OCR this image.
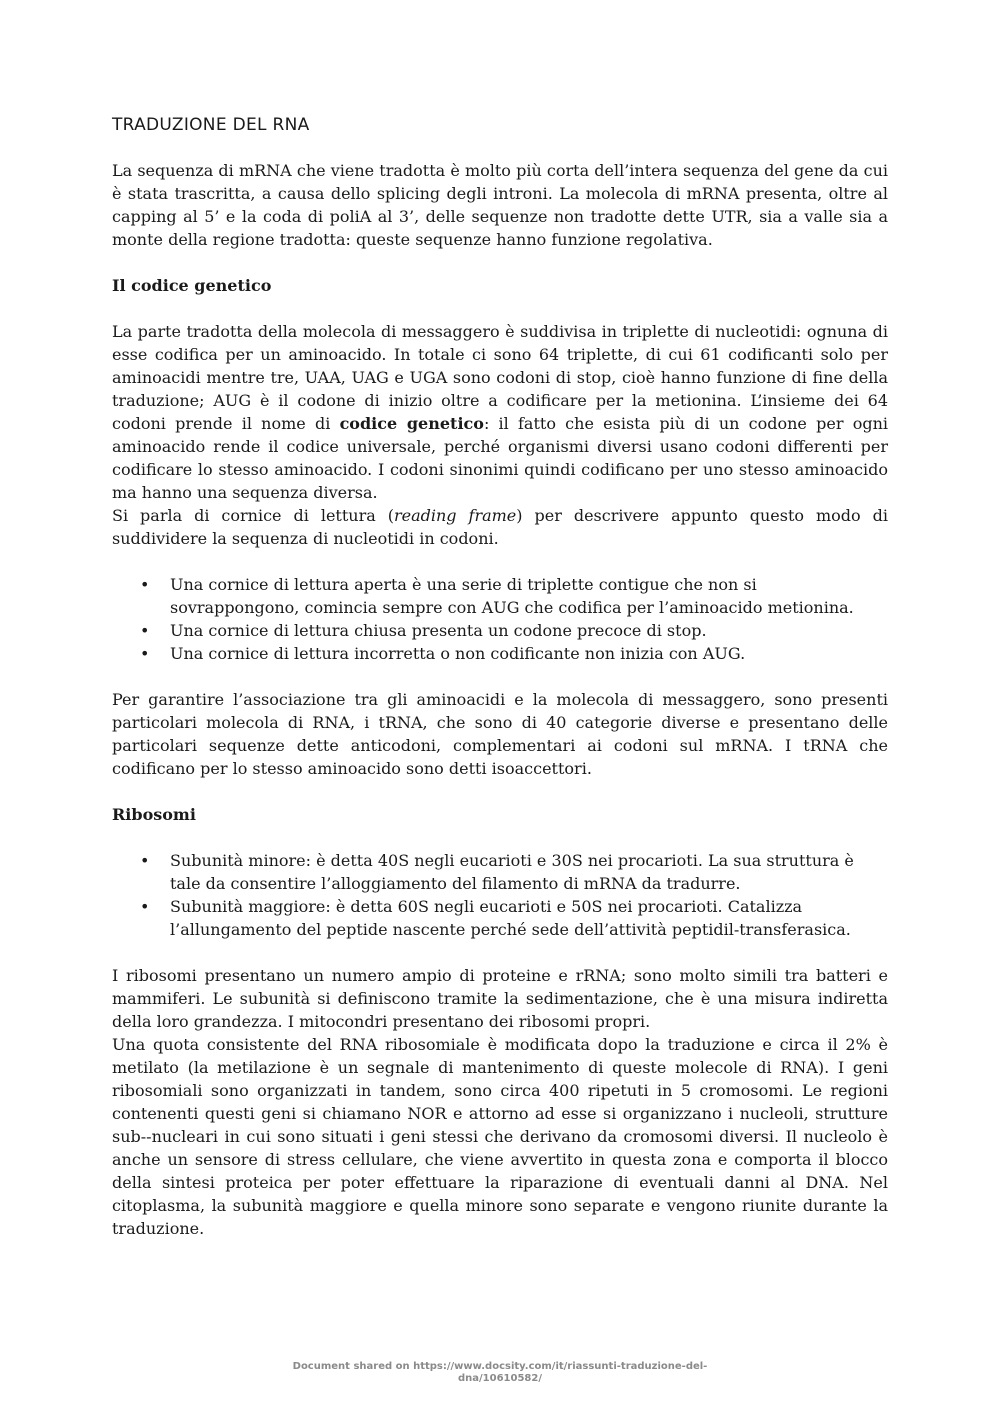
TRADUZIONE DEL RNA

La sequenza di mRNA che viene tradotta è molto più corta dell’intera sequenza del gene da cui è stata trascritta, a causa dello splicing degli introni. La molecola di mRNA presenta, oltre al capping al 5’ e la coda di poliA al 3’, delle sequenze non tradotte dette UTR, sia a valle sia a monte della regione tradotta: queste sequenze hanno funzione regolativa.

Il codice genetico

La parte tradotta della molecola di messaggero è suddivisa in triplette di nucleotidi: ognuna di esse codifica per un aminoacido. In totale ci sono 64 triplette, di cui 61 codificanti solo per aminoacidi mentre tre, UAA, UAG e UGA sono codoni di stop, cioè hanno funzione di fine della traduzione; AUG è il codone di inizio oltre a codificare per la metionina. L’insieme dei 64 codoni prende il nome di codice genetico: il fatto che esista più di un codone per ogni aminoacido rende il codice universale, perché organismi diversi usano codoni differenti per codificare lo stesso aminoacido. I codoni sinonimi quindi codificano per uno stesso aminoacido ma hanno una sequenza diversa.

Si parla di cornice di lettura (reading frame) per descrivere appunto questo modo di suddividere la sequenza di nucleotidi in codoni.

• Una cornice di lettura aperta è una serie di triplette contigue che non si sovrappongono, comincia sempre con AUG che codifica per l’aminoacido metionina.
• Una cornice di lettura chiusa presenta un codone precoce di stop.
• Una cornice di lettura incorretta o non codificante non inizia con AUG.

Per garantire l’associazione tra gli aminoacidi e la molecola di messaggero, sono presenti particolari molecola di RNA, i tRNA, che sono di 40 categorie diverse e presentano delle particolari sequenze dette anticodoni, complementari ai codoni sul mRNA. I tRNA che codificano per lo stesso aminoacido sono detti isoaccettori.

Ribosomi
• Subunità minore: è detta 40S negli eucarioti e 30S nei procarioti. La sua struttura è tale da consentire l’alloggiamento del filamento di mRNA da tradurre.
• Subunità maggiore: è detta 60S negli eucarioti e 50S nei procarioti. Catalizza l’allungamento del peptide nascente perché sede dell’attività peptidil-transferasica.

I ribosomi presentano un numero ampio di proteine e rRNA; sono molto simili tra batteri e mammiferi. Le subunità si definiscono tramite la sedimentazione, che è una misura indiretta della loro grandezza. I mitocondri presentano dei ribosomi propri.

Una quota consistente del RNA ribosomiale è modificata dopo la traduzione e circa il 2% è metilato (la metilazione è un segnale di mantenimento di queste molecole di RNA). I geni ribosomiali sono organizzati in tandem, sono circa 400 ripetuti in 5 cromosomi. Le regioni contenenti questi geni si chiamano NOR e attorno ad esse si organizzano i nucleoli, strutture sub--nucleari in cui sono situati i geni stessi che derivano da cromosomi diversi. Il nucleolo è anche un sensore di stress cellulare, che viene avvertito in questa zona e comporta il blocco della sintesi proteica per poter effettuare la riparazione di eventuali danni al DNA. Nel citoplasma, la subunità maggiore e quella minore sono separate e vengono riunite durante la traduzione.

Document shared on https://www.docsity.com/it/riassunti-traduzione-del-
dna/10610582/
